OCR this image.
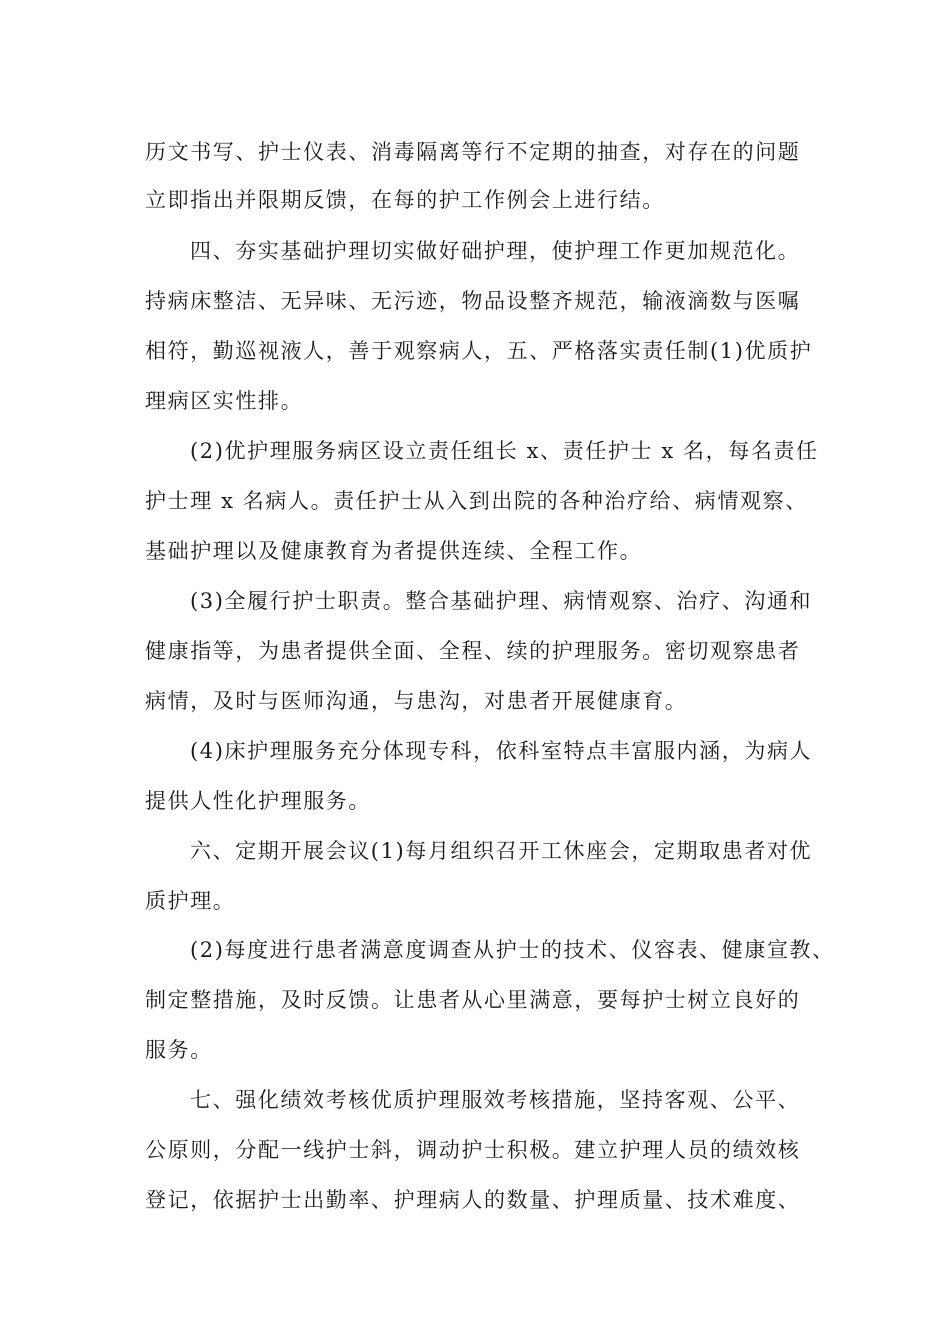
历文书写、护士仪表、消毒隔离等行不定期的抽查，对存在的问题
立即指出并限期反馈，在每的护工作例会上进行结。
四、夯实基础护理切实做好础护理，使护理工作更加规范化。
持病床整洁、无异味、无污迹，物品设整齐规范，输液滴数与医嘱
相符，勤巡视液人，善于观察病人，五、严格落实责任制(1)优质护
理病区实性排。
(2)优护理服务病区设立责任组长 x、责任护士 x 名，每名责任
护士理 x 名病人。责任护士从入到出院的各种治疗给、病情观察、
基础护理以及健康教育为者提供连续、全程工作。
(3)全履行护士职责。整合基础护理、病情观察、治疗、沟通和
健康指等，为患者提供全面、全程、续的护理服务。密切观察患者
病情，及时与医师沟通，与患沟，对患者开展健康育。
(4)床护理服务充分体现专科，依科室特点丰富服内涵，为病人
提供人性化护理服务。
六、定期开展会议(1)每月组织召开工休座会，定期取患者对优
质护理。
(2)每度进行患者满意度调查从护士的技术、仪容表、健康宣教、
制定整措施，及时反馈。让患者从心里满意，要每护士树立良好的
服务。
七、强化绩效考核优质护理服效考核措施，坚持客观、公平、
公原则，分配一线护士斜，调动护士积极。建立护理人员的绩效核
登记，依据护士出勤率、护理病人的数量、护理质量、技术难度、
